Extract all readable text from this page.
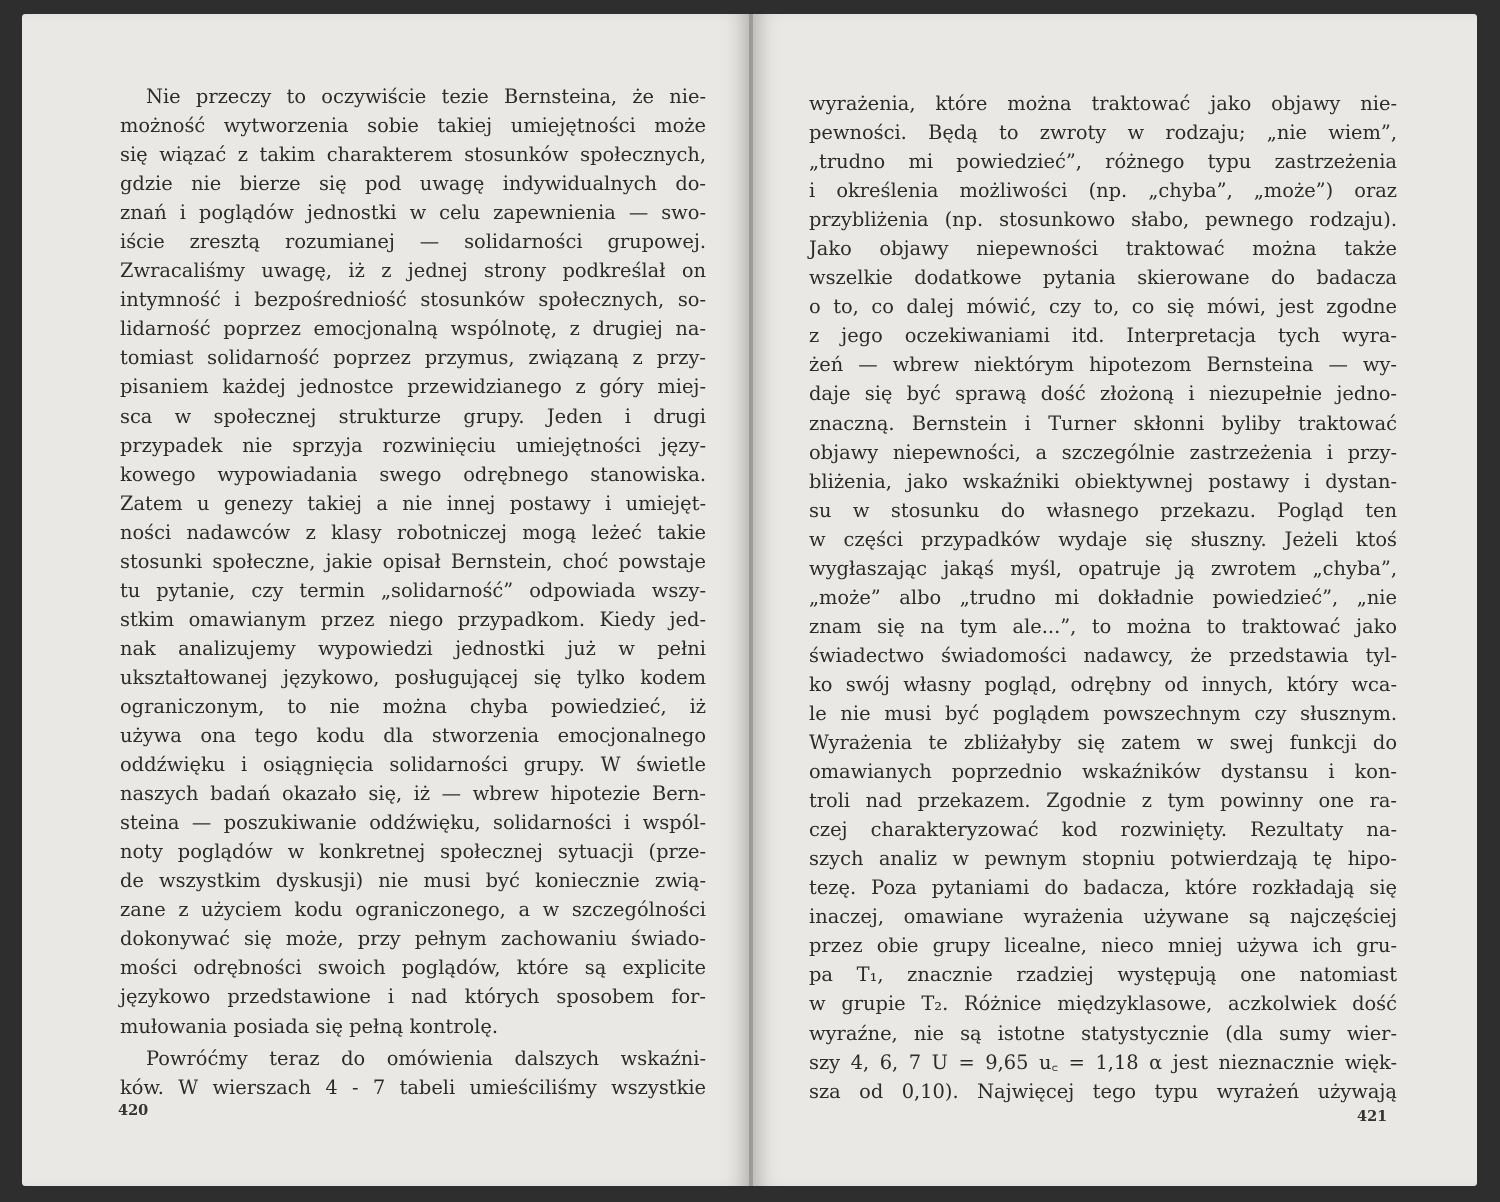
Nie przeczy to oczywiście tezie Bernsteina, że nie-
możność wytworzenia sobie takiej umiejętności może
się wiązać z takim charakterem stosunków społecznych,
gdzie nie bierze się pod uwagę indywidualnych do-
znań i poglądów jednostki w celu zapewnienia — swo-
iście zresztą rozumianej — solidarności grupowej.
Zwracaliśmy uwagę, iż z jednej strony podkreślał on
intymność i bezpośredniość stosunków społecznych, so-
lidarność poprzez emocjonalną wspólnotę, z drugiej na-
tomiast solidarność poprzez przymus, związaną z przy-
pisaniem każdej jednostce przewidzianego z góry miej-
sca w społecznej strukturze grupy. Jeden i drugi
przypadek nie sprzyja rozwinięciu umiejętności języ-
kowego wypowiadania swego odrębnego stanowiska.
Zatem u genezy takiej a nie innej postawy i umiejęt-
ności nadawców z klasy robotniczej mogą leżeć takie
stosunki społeczne, jakie opisał Bernstein, choć powstaje
tu pytanie, czy termin „solidarność” odpowiada wszy-
stkim omawianym przez niego przypadkom. Kiedy jed-
nak analizujemy wypowiedzi jednostki już w pełni
ukształtowanej językowo, posługującej się tylko kodem
ograniczonym, to nie można chyba powiedzieć, iż
używa ona tego kodu dla stworzenia emocjonalnego
oddźwięku i osiągnięcia solidarności grupy. W świetle
naszych badań okazało się, iż — wbrew hipotezie Bern-
steina — poszukiwanie oddźwięku, solidarności i wspól-
noty poglądów w konkretnej społecznej sytuacji (prze-
de wszystkim dyskusji) nie musi być koniecznie zwią-
zane z użyciem kodu ograniczonego, a w szczególności
dokonywać się może, przy pełnym zachowaniu świado-
mości odrębności swoich poglądów, które są explicite
językowo przedstawione i nad których sposobem for-
mułowania posiada się pełną kontrolę.
Powróćmy teraz do omówienia dalszych wskaźni-
ków. W wierszach 4 - 7 tabeli umieściliśmy wszystkie
420
wyrażenia, które można traktować jako objawy nie-
pewności. Będą to zwroty w rodzaju; „nie wiem”,
„trudno mi powiedzieć”, różnego typu zastrzeżenia
i określenia możliwości (np. „chyba”, „może”) oraz
przybliżenia (np. stosunkowo słabo, pewnego rodzaju).
Jako objawy niepewności traktować można także
wszelkie dodatkowe pytania skierowane do badacza
o to, co dalej mówić, czy to, co się mówi, jest zgodne
z jego oczekiwaniami itd. Interpretacja tych wyra-
żeń — wbrew niektórym hipotezom Bernsteina — wy-
daje się być sprawą dość złożoną i niezupełnie jedno-
znaczną. Bernstein i Turner skłonni byliby traktować
objawy niepewności, a szczególnie zastrzeżenia i przy-
bliżenia, jako wskaźniki obiektywnej postawy i dystan-
su w stosunku do własnego przekazu. Pogląd ten
w części przypadków wydaje się słuszny. Jeżeli ktoś
wygłaszając jakąś myśl, opatruje ją zwrotem „chyba”,
„może” albo „trudno mi dokładnie powiedzieć”, „nie
znam się na tym ale...”, to można to traktować jako
świadectwo świadomości nadawcy, że przedstawia tyl-
ko swój własny pogląd, odrębny od innych, który wca-
le nie musi być poglądem powszechnym czy słusznym.
Wyrażenia te zbliżałyby się zatem w swej funkcji do
omawianych poprzednio wskaźników dystansu i kon-
troli nad przekazem. Zgodnie z tym powinny one ra-
czej charakteryzować kod rozwinięty. Rezultaty na-
szych analiz w pewnym stopniu potwierdzają tę hipo-
tezę. Poza pytaniami do badacza, które rozkładają się
inaczej, omawiane wyrażenia używane są najczęściej
przez obie grupy licealne, nieco mniej używa ich gru-
pa T₁, znacznie rzadziej występują one natomiast
w grupie T₂. Różnice międzyklasowe, aczkolwiek dość
wyraźne, nie są istotne statystycznie (dla sumy wier-
szy 4, 6, 7 U = 9,65 u꜀ = 1,18 α jest nieznacznie więk-
sza od 0,10). Najwięcej tego typu wyrażeń używają
421
